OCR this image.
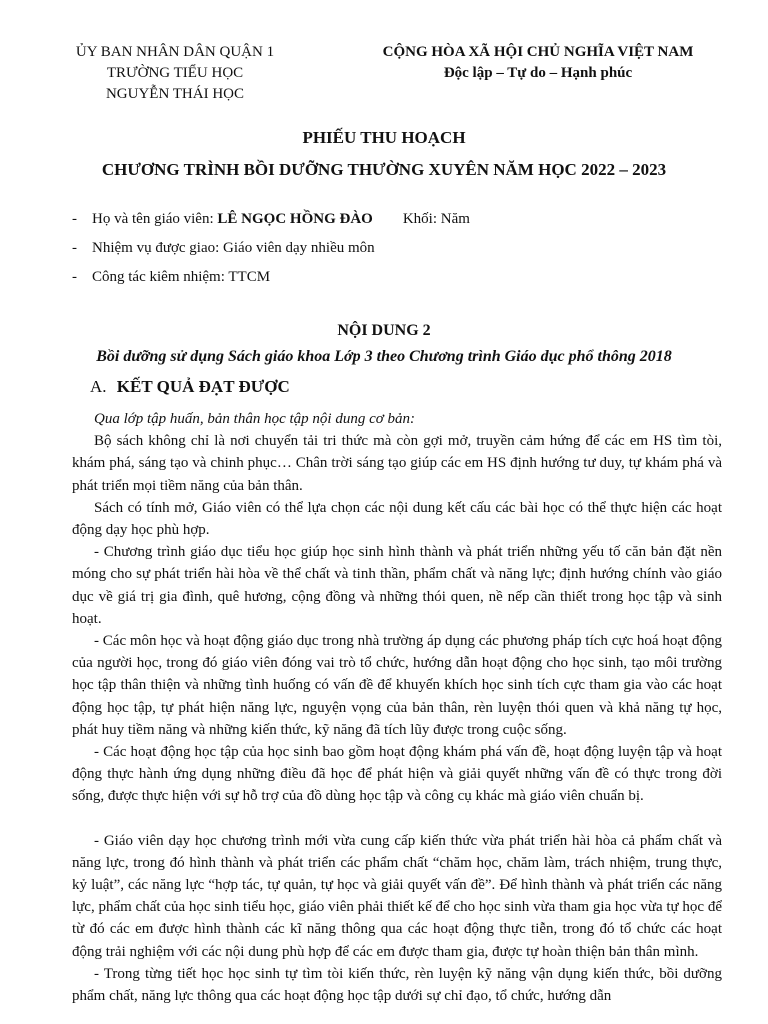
ỦY BAN NHÂN DÂN QUẬN 1
TRƯỜNG TIỂU HỌC
NGUYỄN THÁI HỌC
CỘNG HÒA XÃ HỘI CHỦ NGHĨA VIỆT NAM
Độc lập – Tự do – Hạnh phúc
PHIẾU THU HOẠCH
CHƯƠNG TRÌNH BỒI DƯỠNG THƯỜNG XUYÊN NĂM HỌC 2022 – 2023
- Họ và tên giáo viên: LÊ NGỌC HỒNG ĐÀO Khối: Năm
- Nhiệm vụ được giao: Giáo viên dạy nhiều môn
- Công tác kiêm nhiệm: TTCM
NỘI DUNG 2
Bồi dưỡng sử dụng Sách giáo khoa Lớp 3 theo Chương trình Giáo dục phổ thông 2018
A. KẾT QUẢ ĐẠT ĐƯỢC

Qua lớp tập huấn, bản thân học tập nội dung cơ bản:

Bộ sách không chỉ là nơi chuyển tải tri thức mà còn gợi mở, truyền cảm hứng để các em HS tìm tòi, khám phá, sáng tạo và chinh phục… Chân trời sáng tạo giúp các em HS định hướng tư duy, tự khám phá và phát triển mọi tiềm năng của bản thân.

Sách có tính mở, Giáo viên có thể lựa chọn các nội dung kết cấu các bài học có thể thực hiện các hoạt động dạy học phù hợp.

- Chương trình giáo dục tiểu học giúp học sinh hình thành và phát triển những yếu tố căn bản đặt nền móng cho sự phát triển hài hòa về thể chất và tinh thần, phẩm chất và năng lực; định hướng chính vào giáo dục về giá trị gia đình, quê hương, cộng đồng và những thói quen, nề nếp cần thiết trong học tập và sinh hoạt.

- Các môn học và hoạt động giáo dục trong nhà trường áp dụng các phương pháp tích cực hoá hoạt động của người học, trong đó giáo viên đóng vai trò tổ chức, hướng dẫn hoạt động cho học sinh, tạo môi trường học tập thân thiện và những tình huống có vấn đề để khuyến khích học sinh tích cực tham gia vào các hoạt động học tập, tự phát hiện năng lực, nguyện vọng của bản thân, rèn luyện thói quen và khả năng tự học, phát huy tiềm năng và những kiến thức, kỹ năng đã tích lũy được trong cuộc sống.

- Các hoạt động học tập của học sinh bao gồm hoạt động khám phá vấn đề, hoạt động luyện tập và hoạt động thực hành ứng dụng những điều đã học để phát hiện và giải quyết những vấn đề có thực trong đời sống, được thực hiện với sự hỗ trợ của đồ dùng học tập và công cụ khác mà giáo viên chuẩn bị.

- Giáo viên dạy học chương trình mới vừa cung cấp kiến thức vừa phát triển hài hòa cả phẩm chất và năng lực, trong đó hình thành và phát triển các phẩm chất “chăm học, chăm làm, trách nhiệm, trung thực, kỷ luật”, các năng lực “hợp tác, tự quản, tự học và giải quyết vấn đề”. Để hình thành và phát triển các năng lực, phẩm chất của học sinh tiểu học, giáo viên phải thiết kế để cho học sinh vừa tham gia học vừa tự học để từ đó các em được hình thành các kĩ năng thông qua các hoạt động thực tiễn, trong đó tổ chức các hoạt động trải nghiệm với các nội dung phù hợp để các em được tham gia, được tự hoàn thiện bản thân mình.

- Trong từng tiết học học sinh tự tìm tòi kiến thức, rèn luyện kỹ năng vận dụng kiến thức, bồi dưỡng phẩm chất, năng lực thông qua các hoạt động học tập dưới sự chỉ đạo, tổ chức, hướng dẫn
